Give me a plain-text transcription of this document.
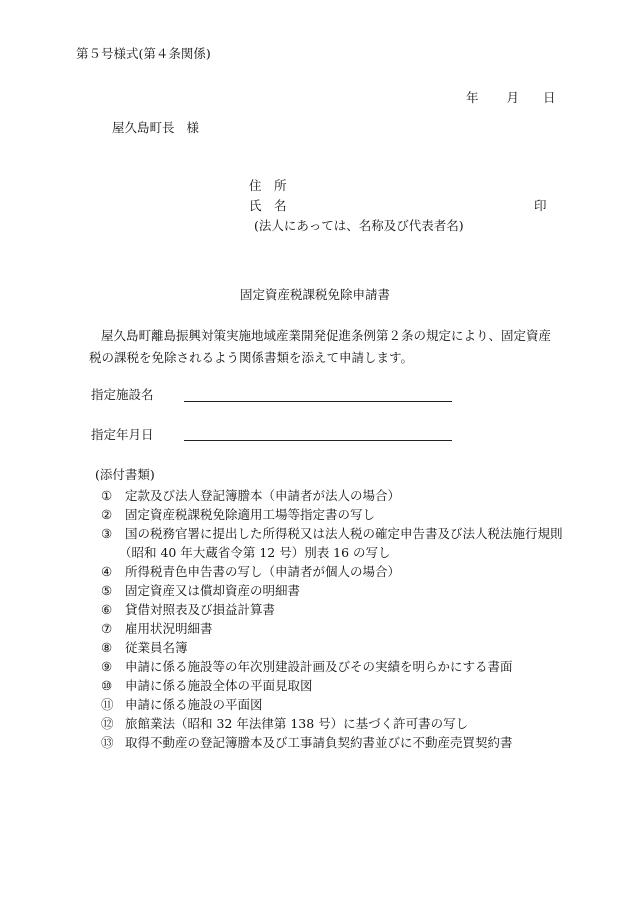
第５号様式(第４条関係)
年 月 日
屋久島町長 様
住　所
氏　名	印
(法人にあっては、名称及び代表者名)
固定資産税課税免除申請書
屋久島町離島振興対策実施地域産業開発促進条例第２条の規定により、固定資産税の課税を免除されるよう関係書類を添えて申請します。
指定施設名
指定年月日
(添付書類)
① 定款及び法人登記簿謄本（申請者が法人の場合）
② 固定資産税課税免除適用工場等指定書の写し
③ 国の税務官署に提出した所得税又は法人税の確定申告書及び法人税法施行規則
（昭和 40 年大蔵省令第 12 号）別表 16 の写し
④ 所得税青色申告書の写し（申請者が個人の場合）
⑤ 固定資産又は償却資産の明細書
⑥ 貸借対照表及び損益計算書
⑦ 雇用状況明細書
⑧ 従業員名簿
⑨ 申請に係る施設等の年次別建設計画及びその実績を明らかにする書面
⑩ 申請に係る施設全体の平面見取図
⑪ 申請に係る施設の平面図
⑫ 旅館業法（昭和 32 年法律第 138 号）に基づく許可書の写し
⑬ 取得不動産の登記簿謄本及び工事請負契約書並びに不動産売買契約書
